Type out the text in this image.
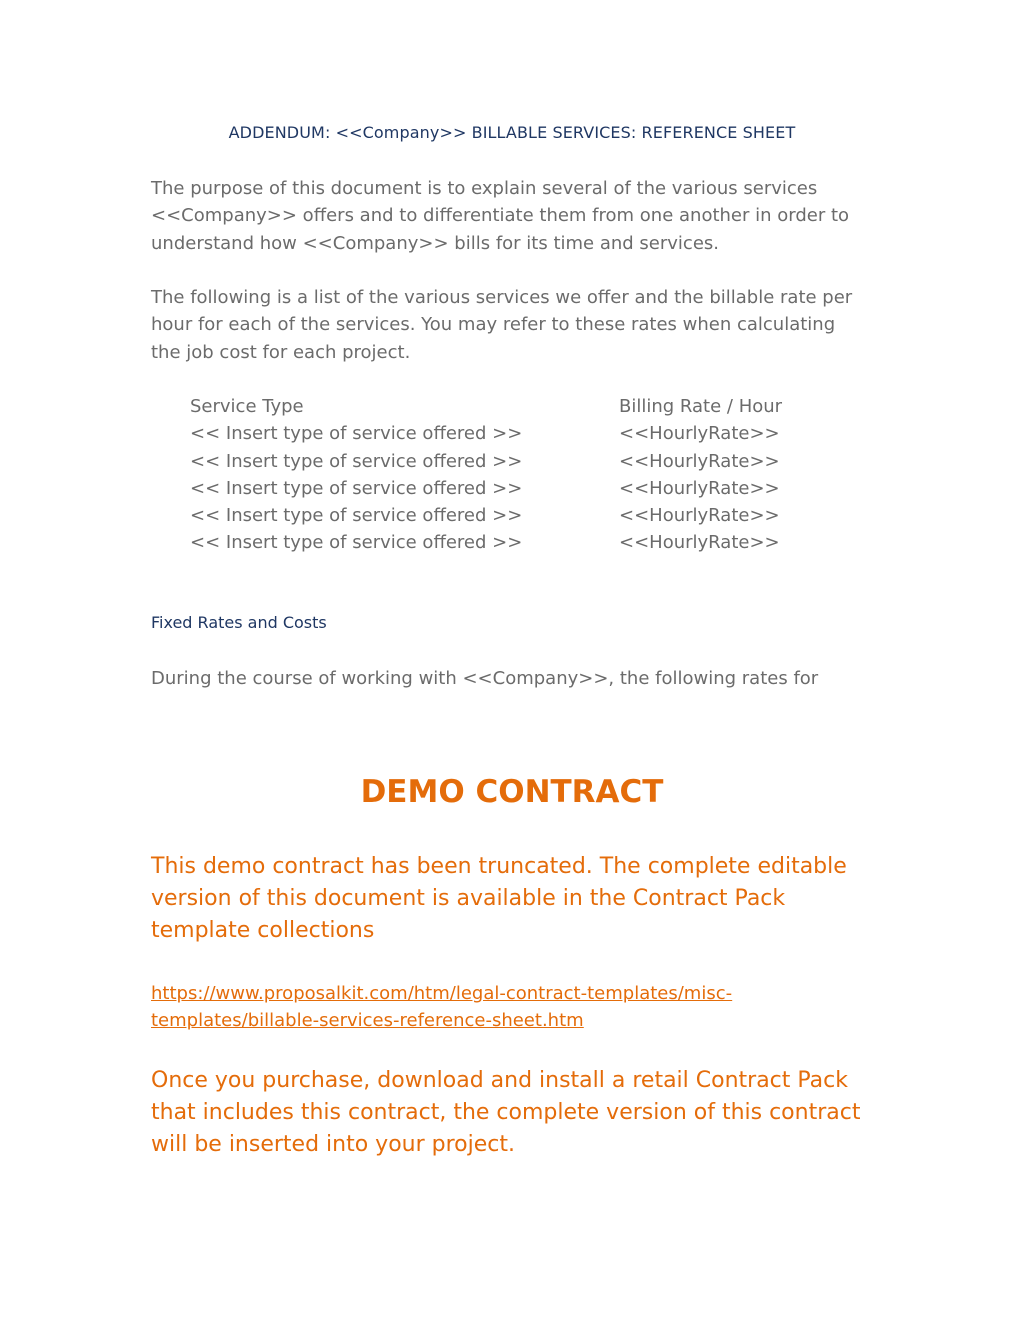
ADDENDUM: <<Company>> BILLABLE SERVICES: REFERENCE SHEET
The purpose of this document is to explain several of the various services
<<Company>> offers and to differentiate them from one another in order to
understand how <<Company>> bills for its time and services.
The following is a list of the various services we offer and the billable rate per
hour for each of the services. You may refer to these rates when calculating
the job cost for each project.
Service Type	Billing Rate / Hour
<< Insert type of service offered >>	<<HourlyRate>>
<< Insert type of service offered >>	<<HourlyRate>>
<< Insert type of service offered >>	<<HourlyRate>>
<< Insert type of service offered >>	<<HourlyRate>>
<< Insert type of service offered >>	<<HourlyRate>>
Fixed Rates and Costs
During the course of working with <<Company>>, the following rates for
DEMO CONTRACT
This demo contract has been truncated. The complete editable
version of this document is available in the Contract Pack
template collections
https://www.proposalkit.com/htm/legal-contract-templates/misc-
templates/billable-services-reference-sheet.htm
Once you purchase, download and install a retail Contract Pack
that includes this contract, the complete version of this contract
will be inserted into your project.
